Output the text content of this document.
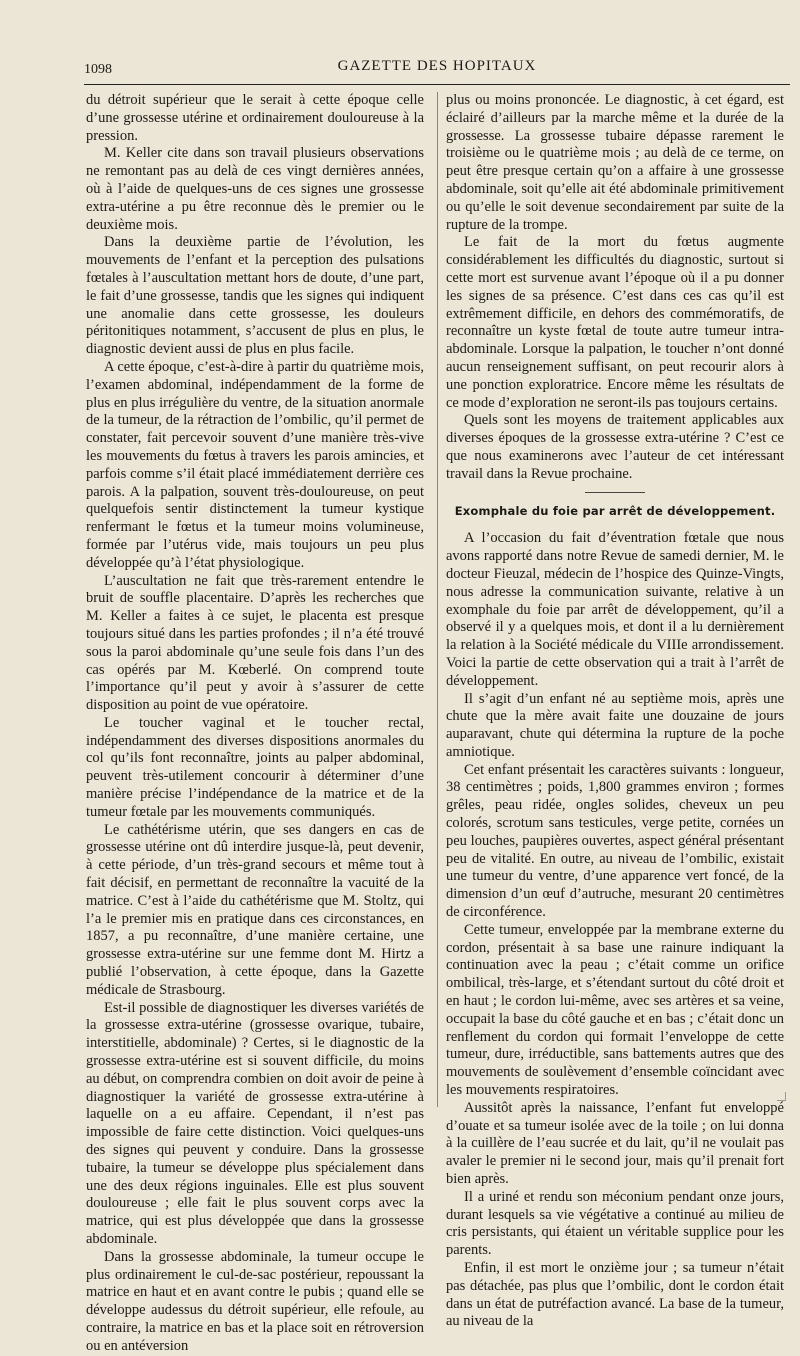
1098	GAZETTE DES HOPITAUX

du détroit supérieur que le serait à cette époque celle d’une grossesse utérine et ordinairement douloureuse à la pression.

M. Keller cite dans son travail plusieurs observations ne remontant pas au delà de ces vingt dernières années, où à l’aide de quelques-uns de ces signes une grossesse extra-utérine a pu être reconnue dès le premier ou le deuxième mois.

Dans la deuxième partie de l’évolution, les mouvements de l’enfant et la perception des pulsations fœtales à l’auscultation mettant hors de doute, d’une part, le fait d’une grossesse, tandis que les signes qui indiquent une anomalie dans cette grossesse, les douleurs péritonitiques notamment, s’accusent de plus en plus, le diagnostic devient aussi de plus en plus facile.

A cette époque, c’est-à-dire à partir du quatrième mois, l’examen abdominal, indépendamment de la forme de plus en plus irrégulière du ventre, de la situation anormale de la tumeur, de la rétraction de l’ombilic, qu’il permet de constater, fait percevoir souvent d’une manière très-vive les mouvements du fœtus à travers les parois amincies, et parfois comme s’il était placé immédiatement derrière ces parois. A la palpation, souvent très-douloureuse, on peut quelquefois sentir distinctement la tumeur kystique renfermant le fœtus et la tumeur moins volumineuse, formée par l’utérus vide, mais toujours un peu plus développée qu’à l’état physiologique.

L’auscultation ne fait que très-rarement entendre le bruit de souffle placentaire. D’après les recherches que M. Keller a faites à ce sujet, le placenta est presque toujours situé dans les parties profondes ; il n’a été trouvé sous la paroi abdominale qu’une seule fois dans l’un des cas opérés par M. Kœberlé. On comprend toute l’importance qu’il peut y avoir à s’assurer de cette disposition au point de vue opératoire.

Le toucher vaginal et le toucher rectal, indépendamment des diverses dispositions anormales du col qu’ils font reconnaître, joints au palper abdominal, peuvent très-utilement concourir à déterminer d’une manière précise l’indépendance de la matrice et de la tumeur fœtale par les mouvements communiqués.

Le cathétérisme utérin, que ses dangers en cas de grossesse utérine ont dû interdire jusque-là, peut devenir, à cette période, d’un très-grand secours et même tout à fait décisif, en permettant de reconnaître la vacuité de la matrice. C’est à l’aide du cathétérisme que M. Stoltz, qui l’a le premier mis en pratique dans ces circonstances, en 1857, a pu reconnaître, d’une manière certaine, une grossesse extra-utérine sur une femme dont M. Hirtz a publié l’observation, à cette époque, dans la Gazette médicale de Strasbourg.

Est-il possible de diagnostiquer les diverses variétés de la grossesse extra-utérine (grossesse ovarique, tubaire, interstitielle, abdominale) ? Certes, si le diagnostic de la grossesse extra-utérine est si souvent difficile, du moins au début, on comprendra combien on doit avoir de peine à diagnostiquer la variété de grossesse extra-utérine à laquelle on a eu affaire. Cependant, il n’est pas impossible de faire cette distinction. Voici quelques-uns des signes qui peuvent y conduire. Dans la grossesse tubaire, la tumeur se développe plus spécialement dans une des deux régions inguinales. Elle est plus souvent douloureuse ; elle fait le plus souvent corps avec la matrice, qui est plus développée que dans la grossesse abdominale.

Dans la grossesse abdominale, la tumeur occupe le plus ordinairement le cul-de-sac postérieur, repoussant la matrice en haut et en avant contre le pubis ; quand elle se développe audessus du détroit supérieur, elle refoule, au contraire, la matrice en bas et la place soit en rétroversion ou en antéversion

plus ou moins prononcée. Le diagnostic, à cet égard, est éclairé d’ailleurs par la marche même et la durée de la grossesse. La grossesse tubaire dépasse rarement le troisième ou le quatrième mois ; au delà de ce terme, on peut être presque certain qu’on a affaire à une grossesse abdominale, soit qu’elle ait été abdominale primitivement ou qu’elle le soit devenue secondairement par suite de la rupture de la trompe.

Le fait de la mort du fœtus augmente considérablement les difficultés du diagnostic, surtout si cette mort est survenue avant l’époque où il a pu donner les signes de sa présence. C’est dans ces cas qu’il est extrêmement difficile, en dehors des commémoratifs, de reconnaître un kyste fœtal de toute autre tumeur intra-abdominale. Lorsque la palpation, le toucher n’ont donné aucun renseignement suffisant, on peut recourir alors à une ponction exploratrice. Encore même les résultats de ce mode d’exploration ne seront-ils pas toujours certains.

Quels sont les moyens de traitement applicables aux diverses époques de la grossesse extra-utérine ? C’est ce que nous examinerons avec l’auteur de cet intéressant travail dans la Revue prochaine.

Exomphale du foie par arrêt de développement.

A l’occasion du fait d’éventration fœtale que nous avons rapporté dans notre Revue de samedi dernier, M. le docteur Fieuzal, médecin de l’hospice des Quinze-Vingts, nous adresse la communication suivante, relative à un exomphale du foie par arrêt de développement, qu’il a observé il y a quelques mois, et dont il a lu dernièrement la relation à la Société médicale du VIIIe arrondissement. Voici la partie de cette observation qui a trait à l’arrêt de développement.

Il s’agit d’un enfant né au septième mois, après une chute que la mère avait faite une douzaine de jours auparavant, chute qui détermina la rupture de la poche amniotique.

Cet enfant présentait les caractères suivants : longueur, 38 centimètres ; poids, 1,800 grammes environ ; formes grêles, peau ridée, ongles solides, cheveux un peu colorés, scrotum sans testicules, verge petite, cornées un peu louches, paupières ouvertes, aspect général présentant peu de vitalité. En outre, au niveau de l’ombilic, existait une tumeur du ventre, d’une apparence vert foncé, de la dimension d’un œuf d’autruche, mesurant 20 centimètres de circonférence.

Cette tumeur, enveloppée par la membrane externe du cordon, présentait à sa base une rainure indiquant la continuation avec la peau ; c’était comme un orifice ombilical, très-large, et s’étendant surtout du côté droit et en haut ; le cordon lui-même, avec ses artères et sa veine, occupait la base du côté gauche et en bas ; c’était donc un renflement du cordon qui formait l’enveloppe de cette tumeur, dure, irréductible, sans battements autres que des mouvements de soulèvement d’ensemble coïncidant avec les mouvements respiratoires.

Aussitôt après la naissance, l’enfant fut enveloppé d’ouate et sa tumeur isolée avec de la toile ; on lui donna à la cuillère de l’eau sucrée et du lait, qu’il ne voulait pas avaler le premier ni le second jour, mais qu’il prenait fort bien après.

Il a uriné et rendu son méconium pendant onze jours, durant lesquels sa vie végétative a continué au milieu de cris persistants, qui étaient un véritable supplice pour les parents.

Enfin, il est mort le onzième jour ; sa tumeur n’était pas détachée, pas plus que l’ombilic, dont le cordon était dans un état de putréfaction avancé. La base de la tumeur, au niveau de la
